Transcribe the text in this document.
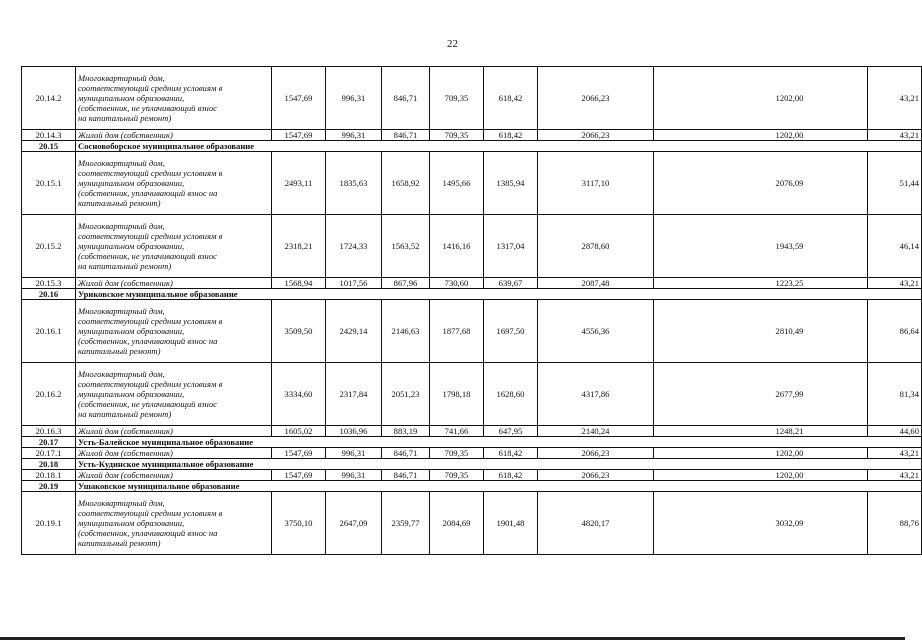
22
20.14.2	Многоквартирный дом,
соответствующий средним условиям в
муниципальном образовании,
(собственник, не уплачивающий взнос
на капитальный ремонт)	1547,69	996,31	846,71	709,35	618,42	2066,23	1202,00	43,21
20.14.3	Жилой дом (собственник)	1547,69	996,31	846,71	709,35	618,42	2066,23	1202,00	43,21
20.15	Сосновоборское муниципальное образование								
20.15.1	Многоквартирный дом,
соответствующий средним условиям в
муниципальном образовании,
(собственник, уплачивающий взнос на
капитальный ремонт)	2493,11	1835,63	1658,92	1495,66	1385,94	3117,10	2076,09	51,44
20.15.2	Многоквартирный дом,
соответствующий средним условиям в
муниципальном образовании,
(собственник, не уплачивающий взнос
на капитальный ремонт)	2318,21	1724,33	1563,52	1416,16	1317,04	2878,60	1943,59	46,14
20.15.3	Жилой дом (собственник)	1568,94	1017,56	867,96	730,60	639,67	2087,48	1223,25	43,21
20.16	Уриковское муниципальное образование								
20.16.1	Многоквартирный дом,
соответствующий средним условиям в
муниципальном образовании,
(собственник, уплачивающий взнос на
капитальный ремонт)	3509,50	2429,14	2146,63	1877,68	1697,50	4556,36	2810,49	86,64
20.16.2	Многоквартирный дом,
соответствующий средним условиям в
муниципальном образовании,
(собственник, не уплачивающий взнос
на капитальный ремонт)	3334,60	2317,84	2051,23	1798,18	1628,60	4317,86	2677,99	81,34
20.16.3	Жилой дом (собственник)	1605,02	1036,96	883,19	741,66	647,95	2140,24	1248,21	44,60
20.17	Усть-Балейское муниципальное образование								
20.17.1	Жилой дом (собственник)	1547,69	996,31	846,71	709,35	618,42	2066,23	1202,00	43,21
20.18	Усть-Кудинское муниципальное образование								
20.18.1	Жилой дом (собственник)	1547,69	996,31	846,71	709,35	618,42	2066,23	1202,00	43,21
20.19	Ушаковское муниципальное образование								
20.19.1	Многоквартирный дом,
соответствующий средним условиям в
муниципальном образовании,
(собственник, уплачивающий взнос на
капитальный ремонт)	3750,10	2647,09	2359,77	2084,69	1901,48	4820,17	3032,09	88,76
